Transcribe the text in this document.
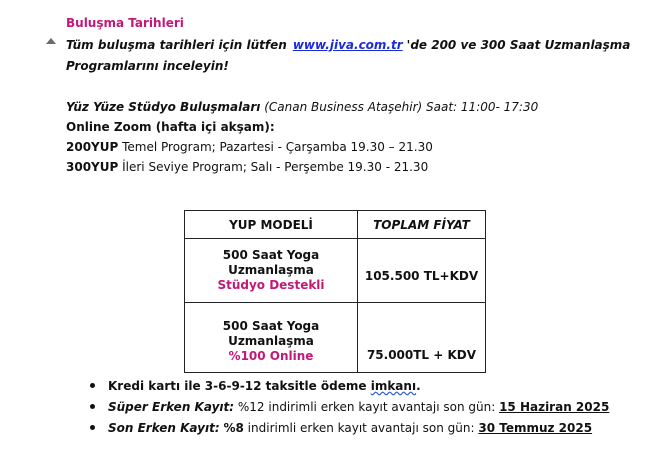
Buluşma Tarihleri
Tüm buluşma tarihleri için lütfen www.jiva.com.tr 'de 200 ve 300 Saat Uzmanlaşma
Programlarını inceleyin!
Yüz Yüze Stüdyo Buluşmaları (Canan Business Ataşehir) Saat: 11:00- 17:30
Online Zoom (hafta içi akşam):
200YUP Temel Program; Pazartesi - Çarşamba 19.30 – 21.30
300YUP İleri Seviye Program; Salı - Perşembe 19.30 - 21.30
YUP MODELİ	TOPLAM FİYAT

500 Saat Yoga Uzmanlaşma
Stüdyo Destekli	105.500 TL+KDV

500 Saat Yoga Uzmanlaşma
%100 Online	75.000TL + KDV
Kredi kartı ile 3-6-9-12 taksitle ödeme imkanı.
Süper Erken Kayıt: %12 indirimli erken kayıt avantajı son gün: 15 Haziran 2025
Son Erken Kayıt: %8 indirimli erken kayıt avantajı son gün: 30 Temmuz 2025
